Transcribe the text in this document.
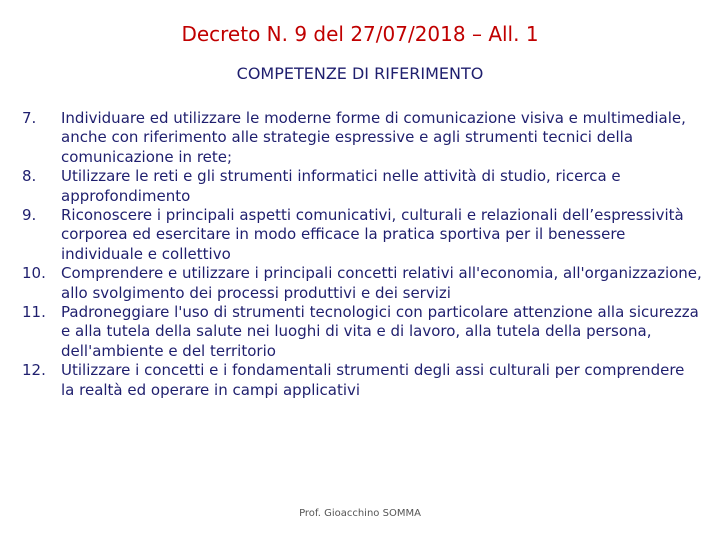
Decreto N. 9 del 27/07/2018 – All. 1
COMPETENZE DI RIFERIMENTO
7.	Individuare ed utilizzare le moderne forme di comunicazione visiva e multimediale, anche con riferimento alle strategie espressive e agli strumenti tecnici della comunicazione in rete;
8.	Utilizzare le reti e gli strumenti informatici nelle attività di studio, ricerca e approfondimento
9.	Riconoscere i principali aspetti comunicativi, culturali e relazionali dell’espressività corporea ed esercitare in modo efficace la pratica sportiva per il benessere individuale e collettivo
10.	Comprendere e utilizzare i principali concetti relativi all'economia, all'organizzazione, allo svolgimento dei processi produttivi e dei servizi
11.	Padroneggiare l'uso di strumenti tecnologici con particolare attenzione alla sicurezza e alla tutela della salute nei luoghi di vita e di lavoro, alla tutela della persona, dell'ambiente e del territorio
12.	Utilizzare i concetti e i fondamentali strumenti degli assi culturali per comprendere la realtà ed operare in campi applicativi
Prof. Gioacchino SOMMA
